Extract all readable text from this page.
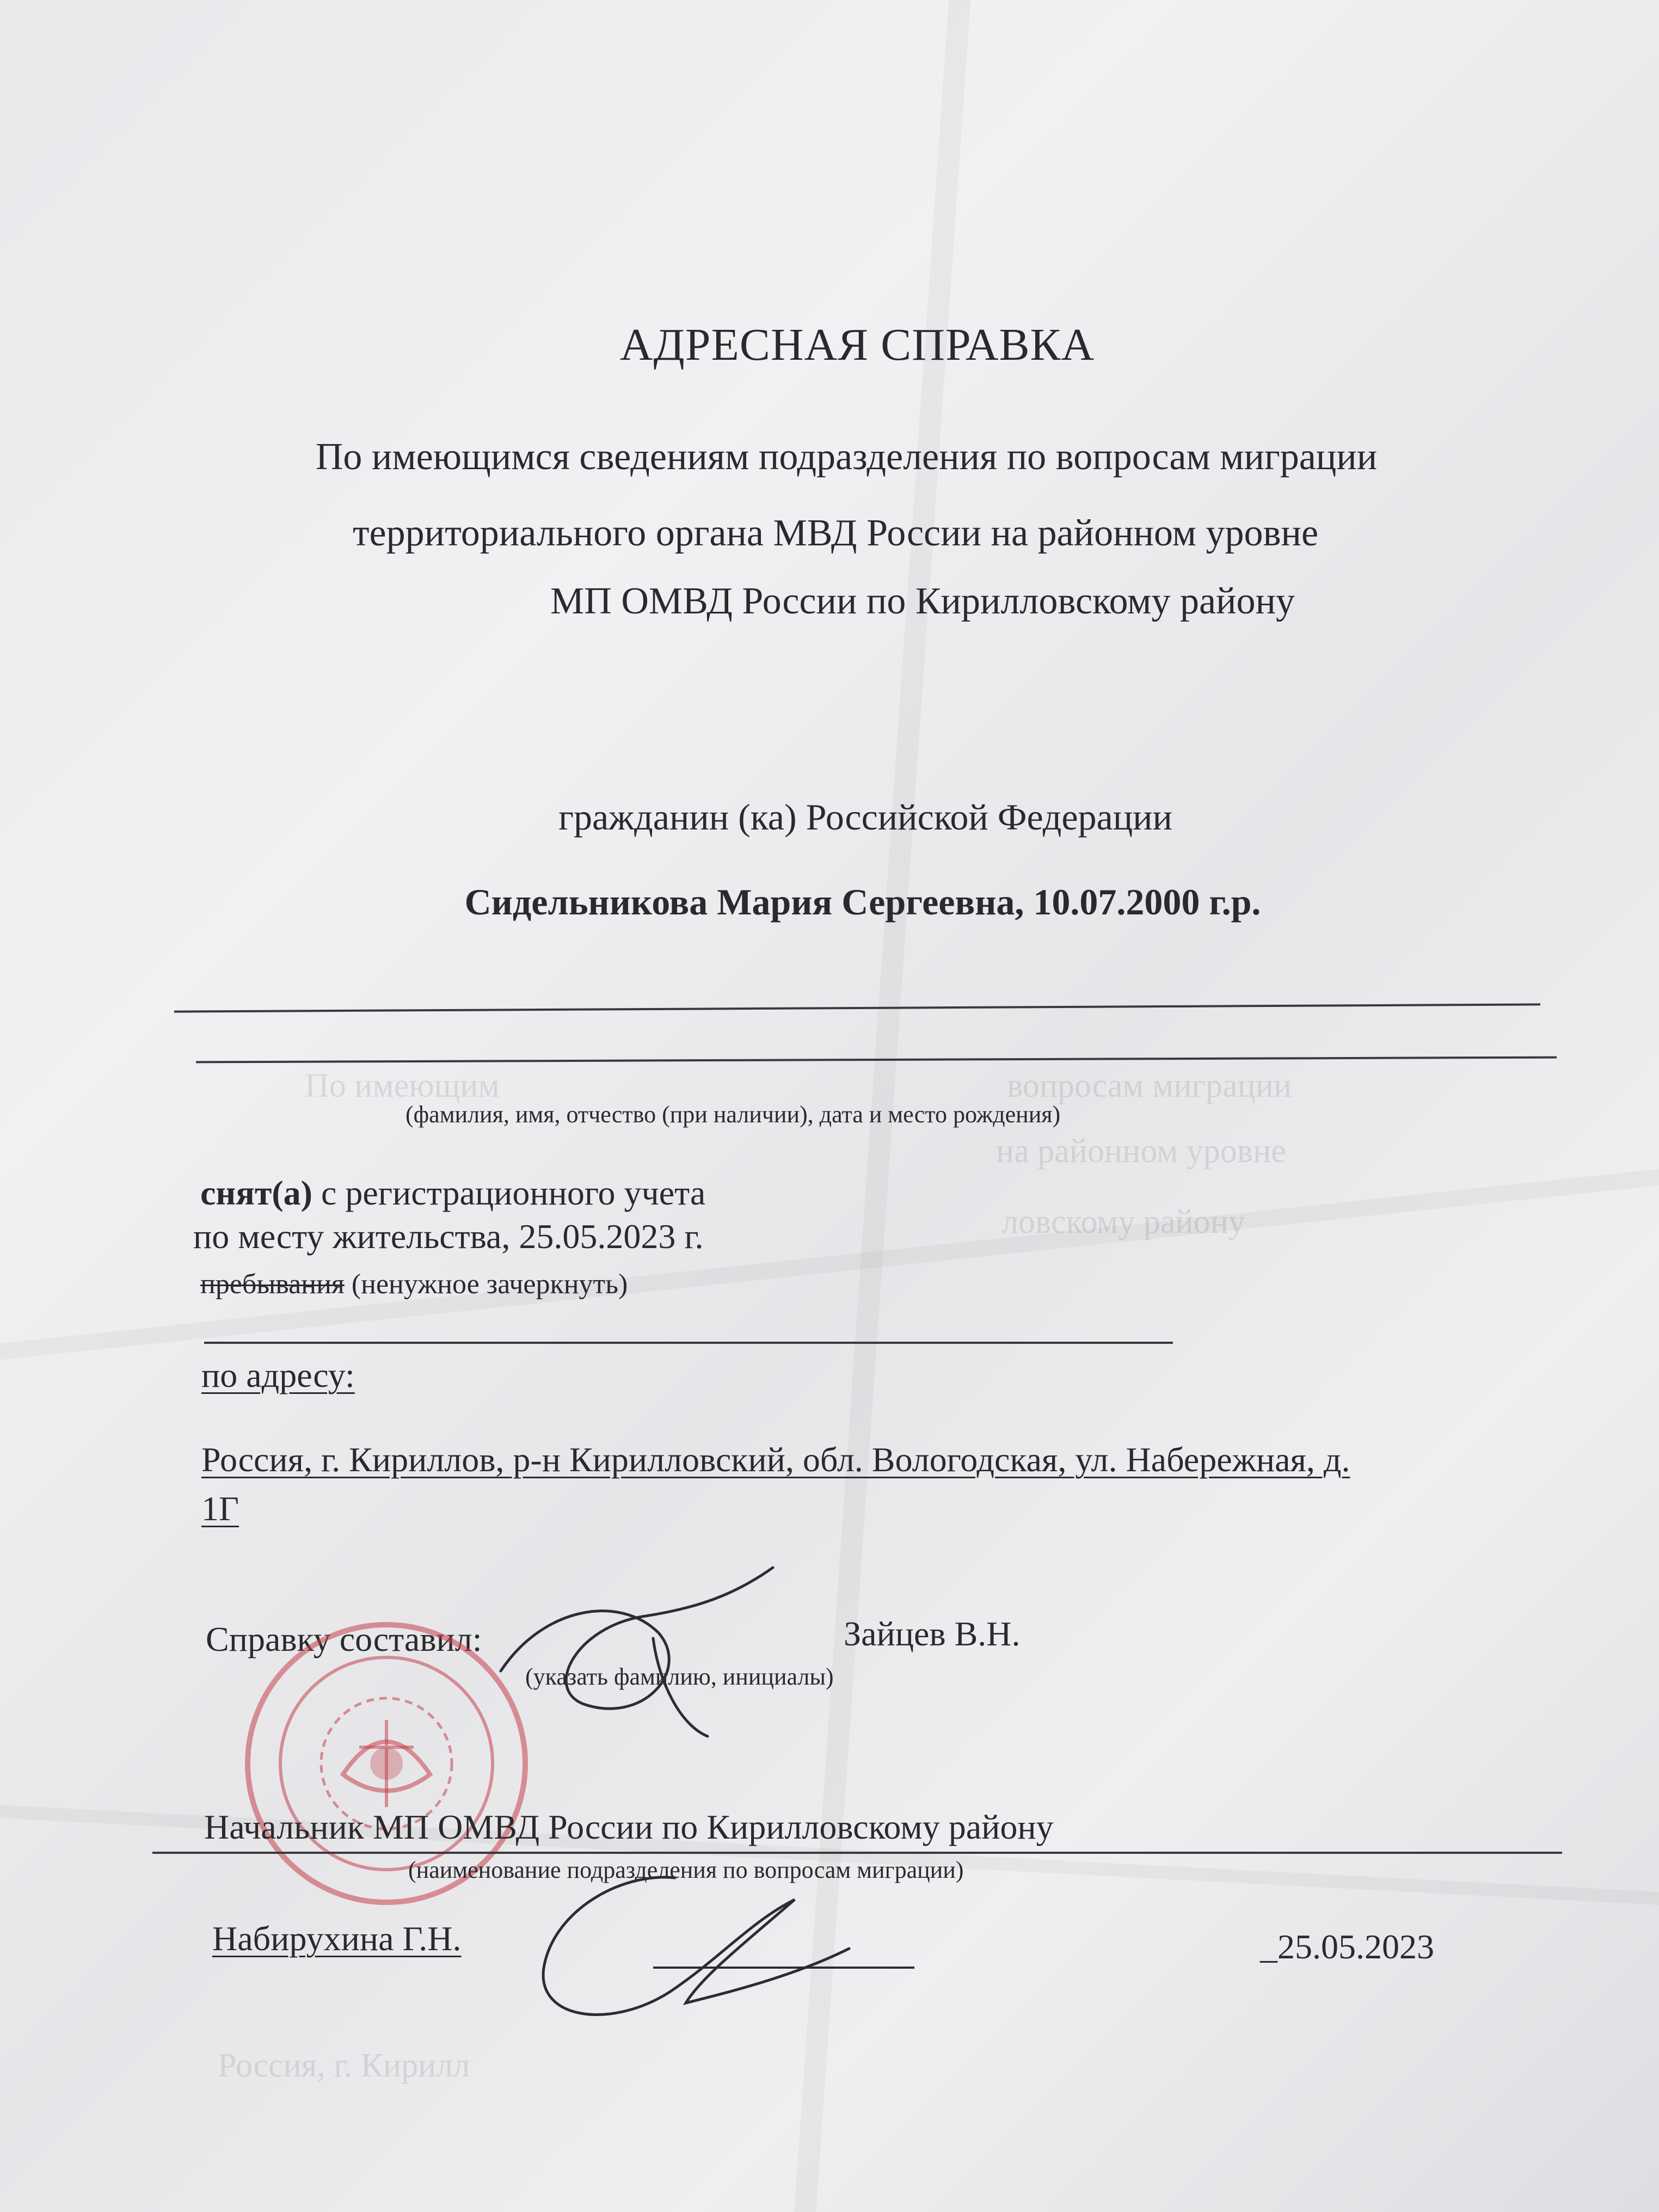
По имеющим	вопросам миграции
на районном уровне
ловскому району
Россия, г. Кирилл
АДРЕСНАЯ СПРАВКА
По имеющимся сведениям подразделения по вопросам миграции
территориального органа МВД России на районном уровне
МП ОМВД России по Кирилловскому району
гражданин (ка) Российской Федерации
Сидельникова Мария Сергеевна, 10.07.2000 г.р.
(фамилия, имя, отчество (при наличии), дата и место рождения)
снят(а) с регистрационного учета
по месту жительства, 25.05.2023 г.
пребывания (ненужное зачеркнуть)
по адресу:
Россия, г. Кириллов, р-н Кирилловский, обл. Вологодская, ул. Набережная, д.
1Г
Справку составил:	Зайцев В.Н.
(указать фамилию, инициалы)
Начальник МП ОМВД России по Кирилловскому району
(наименование подразделения по вопросам миграции)
Набирухина Г.Н.	_25.05.2023
